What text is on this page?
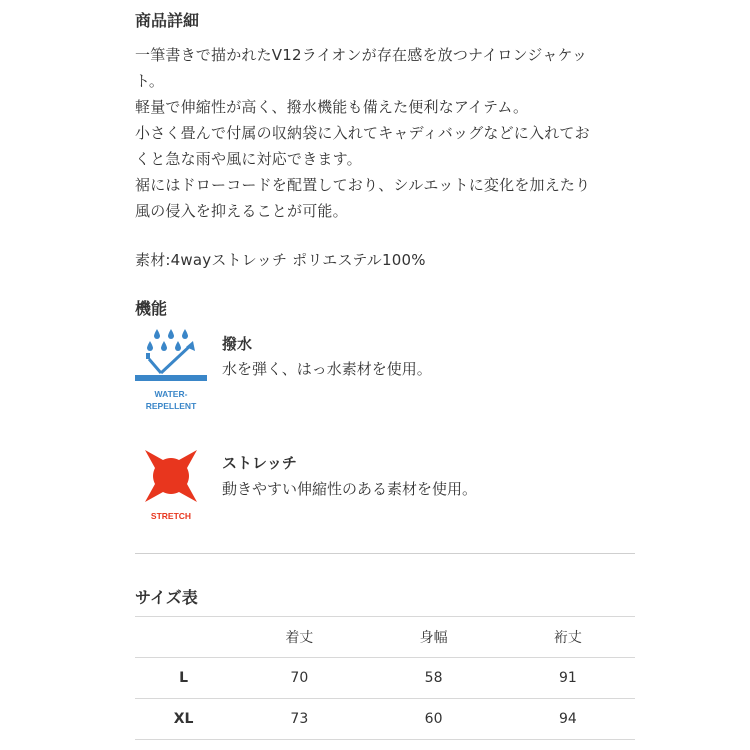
商品詳細
一筆書きで描かれたV12ライオンが存在感を放つナイロンジャケッ
ト。
軽量で伸縮性が高く、撥水機能も備えた便利なアイテム。
小さく畳んで付属の収納袋に入れてキャディバッグなどに入れてお
くと急な雨や風に対応できます。
裾にはドローコードを配置しており、シルエットに変化を加えたり
風の侵入を抑えることが可能。
素材:4wayストレッチ ポリエステル100%
機能
WATER-
REPELLENT
撥水
水を弾く、はっ水素材を使用。
STRETCH
ストレッチ
動きやすい伸縮性のある素材を使用。
サイズ表
	着丈	身幅	裄丈
L	70	58	91
XL	73	60	94
